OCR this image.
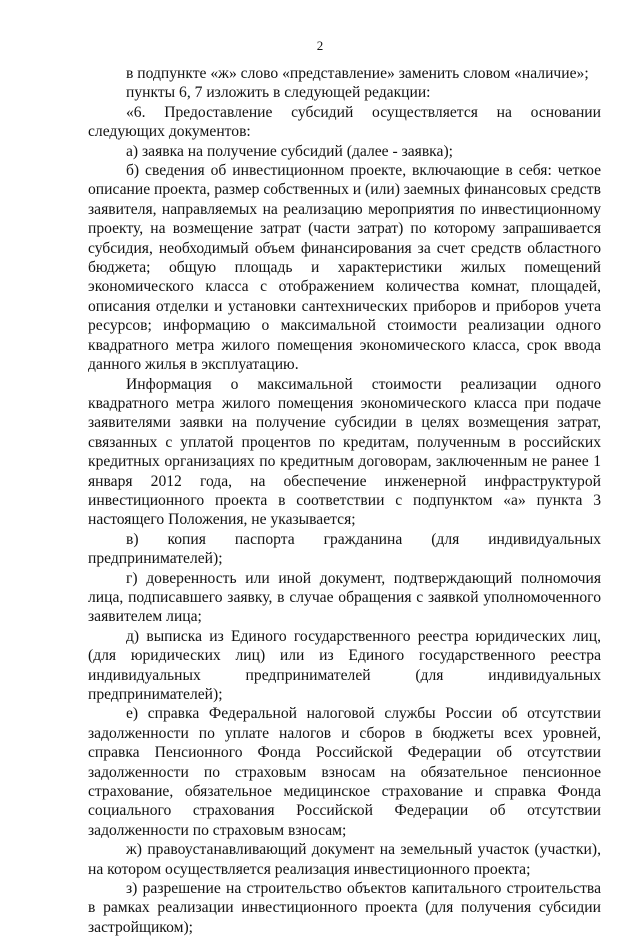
2

в подпункте «ж» слово «представление» заменить словом «наличие»;

пункты 6, 7 изложить в следующей редакции:

«6. Предоставление субсидий осуществляется на основании следующих документов:

а) заявка на получение субсидий (далее - заявка);

б) сведения об инвестиционном проекте, включающие в себя: четкое описание проекта, размер собственных и (или) заемных финансовых средств заявителя, направляемых на реализацию мероприятия по инвестиционному проекту, на возмещение затрат (части затрат) по которому запрашивается субсидия, необходимый объем финансирования за счет средств областного бюджета; общую площадь и характеристики жилых помещений экономического класса с отображением количества комнат, площадей, описания отделки и установки сантехнических приборов и приборов учета ресурсов; информацию о максимальной стоимости реализации одного квадратного метра жилого помещения экономического класса, срок ввода данного жилья в эксплуатацию.

Информация о максимальной стоимости реализации одного квадратного метра жилого помещения экономического класса при подаче заявителями заявки на получение субсидии в целях возмещения затрат, связанных с уплатой процентов по кредитам, полученным в российских кредитных организациях по кредитным договорам, заключенным не ранее 1 января 2012 года, на обеспечение инженерной инфраструктурой инвестиционного проекта в соответствии с подпунктом «а» пункта 3 настоящего Положения, не указывается;

в) копия паспорта гражданина (для индивидуальных предпринимателей);

г) доверенность или иной документ, подтверждающий полномочия лица, подписавшего заявку, в случае обращения с заявкой уполномоченного заявителем лица;

д) выписка из Единого государственного реестра юридических лиц, (для юридических лиц) или из Единого государственного реестра индивидуальных предпринимателей (для индивидуальных предпринимателей);

е) справка Федеральной налоговой службы России об отсутствии задолженности по уплате налогов и сборов в бюджеты всех уровней, справка Пенсионного Фонда Российской Федерации об отсутствии задолженности по страховым взносам на обязательное пенсионное страхование, обязательное медицинское страхование и справка Фонда социального страхования Российской Федерации об отсутствии задолженности по страховым взносам;

ж) правоустанавливающий документ на земельный участок (участки), на котором осуществляется реализация инвестиционного проекта;

з) разрешение на строительство объектов капитального строительства в рамках реализации инвестиционного проекта (для получения субсидии застройщиком);
